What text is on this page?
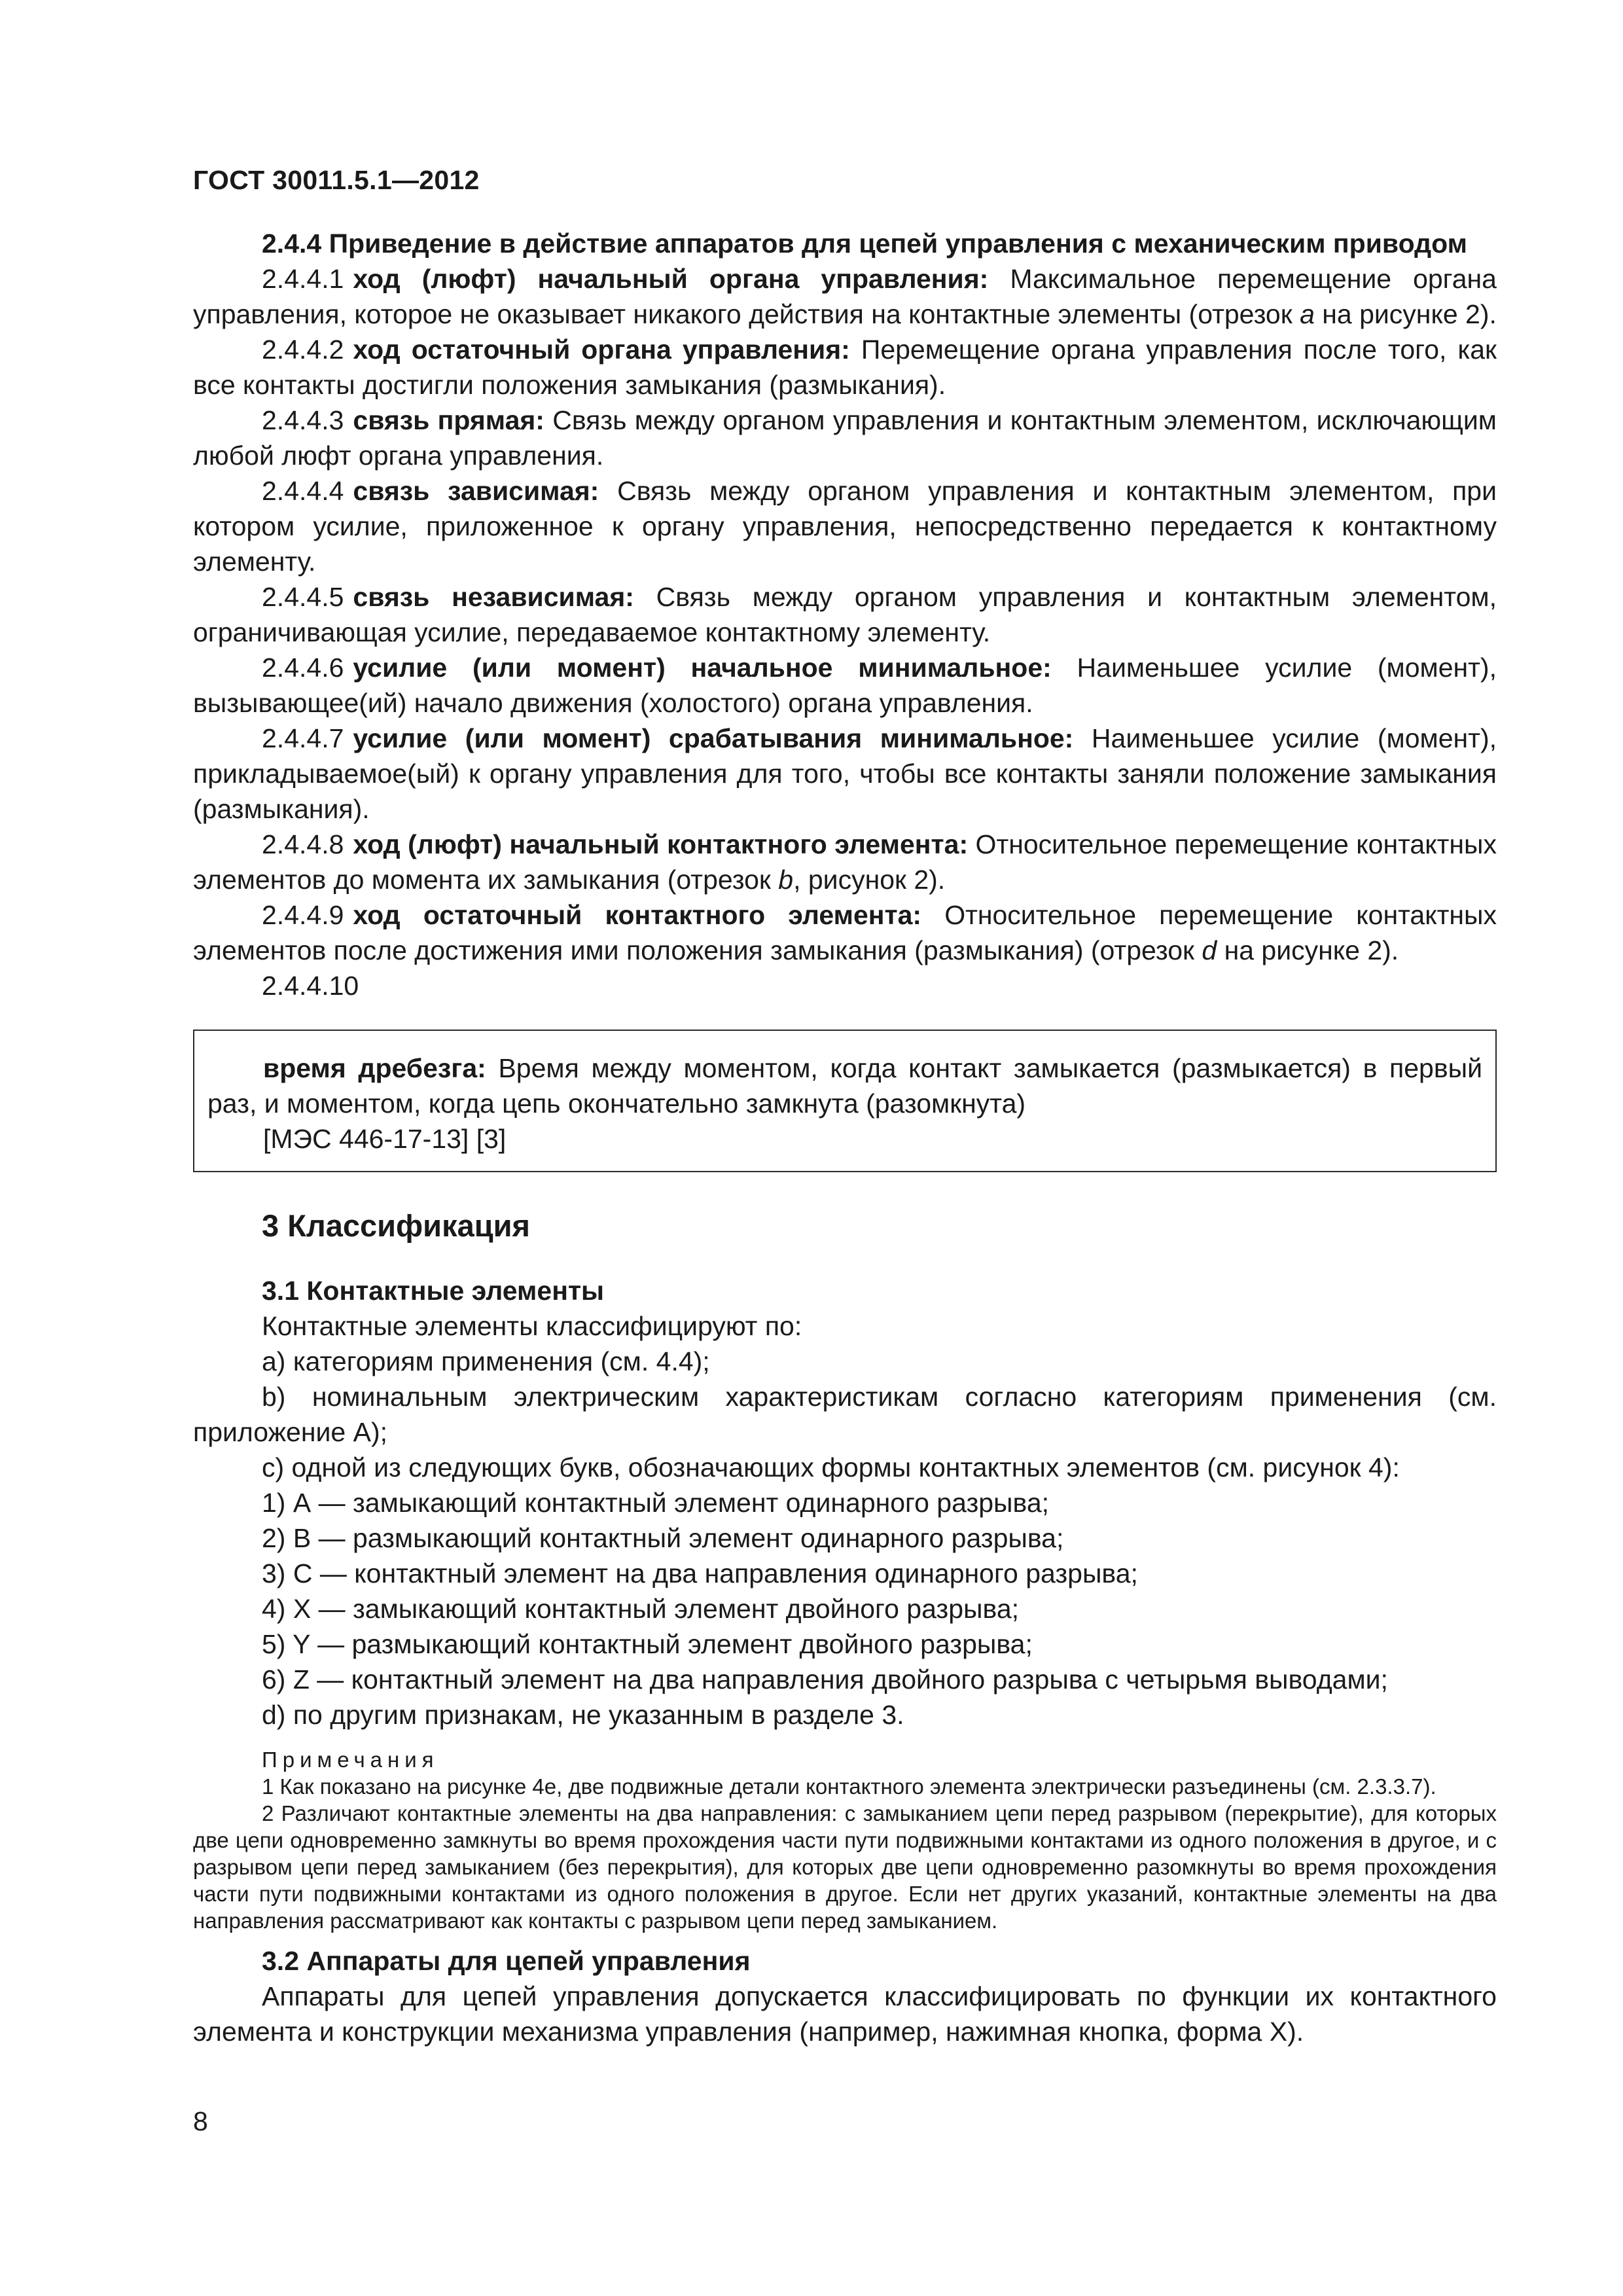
ГОСТ 30011.5.1—2012

2.4.4 Приведение в действие аппаратов для цепей управления с механическим приводом

2.4.4.1 ход (люфт) начальный органа управления: Максимальное перемещение органа управления, которое не оказывает никакого действия на контактные элементы (отрезок a на рисунке 2).

2.4.4.2 ход остаточный органа управления: Перемещение органа управления после того, как все контакты достигли положения замыкания (размыкания).

2.4.4.3 связь прямая: Связь между органом управления и контактным элементом, исключающим любой люфт органа управления.

2.4.4.4 связь зависимая: Связь между органом управления и контактным элементом, при котором усилие, приложенное к органу управления, непосредственно передается к контактному элементу.

2.4.4.5 связь независимая: Связь между органом управления и контактным элементом, ограничивающая усилие, передаваемое контактному элементу.

2.4.4.6 усилие (или момент) начальное минимальное: Наименьшее усилие (момент), вызывающее(ий) начало движения (холостого) органа управления.

2.4.4.7 усилие (или момент) срабатывания минимальное: Наименьшее усилие (момент), прикладываемое(ый) к органу управления для того, чтобы все контакты заняли положение замыкания (размыкания).

2.4.4.8 ход (люфт) начальный контактного элемента: Относительное перемещение контактных элементов до момента их замыкания (отрезок b, рисунок 2).

2.4.4.9 ход остаточный контактного элемента: Относительное перемещение контактных элементов после достижения ими положения замыкания (размыкания) (отрезок d на рисунке 2).

2.4.4.10

время дребезга: Время между моментом, когда контакт замыкается (размыкается) в первый раз, и моментом, когда цепь окончательно замкнута (разомкнута)

[МЭС 446-17-13] [3]

3 Классификация
3.1 Контактные элементы

Контактные элементы классифицируют по:

a) категориям применения (см. 4.4);

b) номинальным электрическим характеристикам согласно категориям применения (см. приложение А);

c) одной из следующих букв, обозначающих формы контактных элементов (см. рисунок 4):

1) А — замыкающий контактный элемент одинарного разрыва;

2) В — размыкающий контактный элемент одинарного разрыва;

3) С — контактный элемент на два направления одинарного разрыва;

4) Х — замыкающий контактный элемент двойного разрыва;

5) Y — размыкающий контактный элемент двойного разрыва;

6) Z — контактный элемент на два направления двойного разрыва с четырьмя выводами;

d) по другим признакам, не указанным в разделе 3.

Примечания

1 Как показано на рисунке 4е, две подвижные детали контактного элемента электрически разъединены (см. 2.3.3.7).

2 Различают контактные элементы на два направления: с замыканием цепи перед разрывом (перекрытие), для которых две цепи одновременно замкнуты во время прохождения части пути подвижными контактами из одного положения в другое, и с разрывом цепи перед замыканием (без перекрытия), для которых две цепи одновременно разомкнуты во время прохождения части пути подвижными контактами из одного положения в другое. Если нет других указаний, контактные элементы на два направления рассматривают как контакты с разрывом цепи перед замыканием.

3.2 Аппараты для цепей управления

Аппараты для цепей управления допускается классифицировать по функции их контактного элемента и конструкции механизма управления (например, нажимная кнопка, форма Х).

8
